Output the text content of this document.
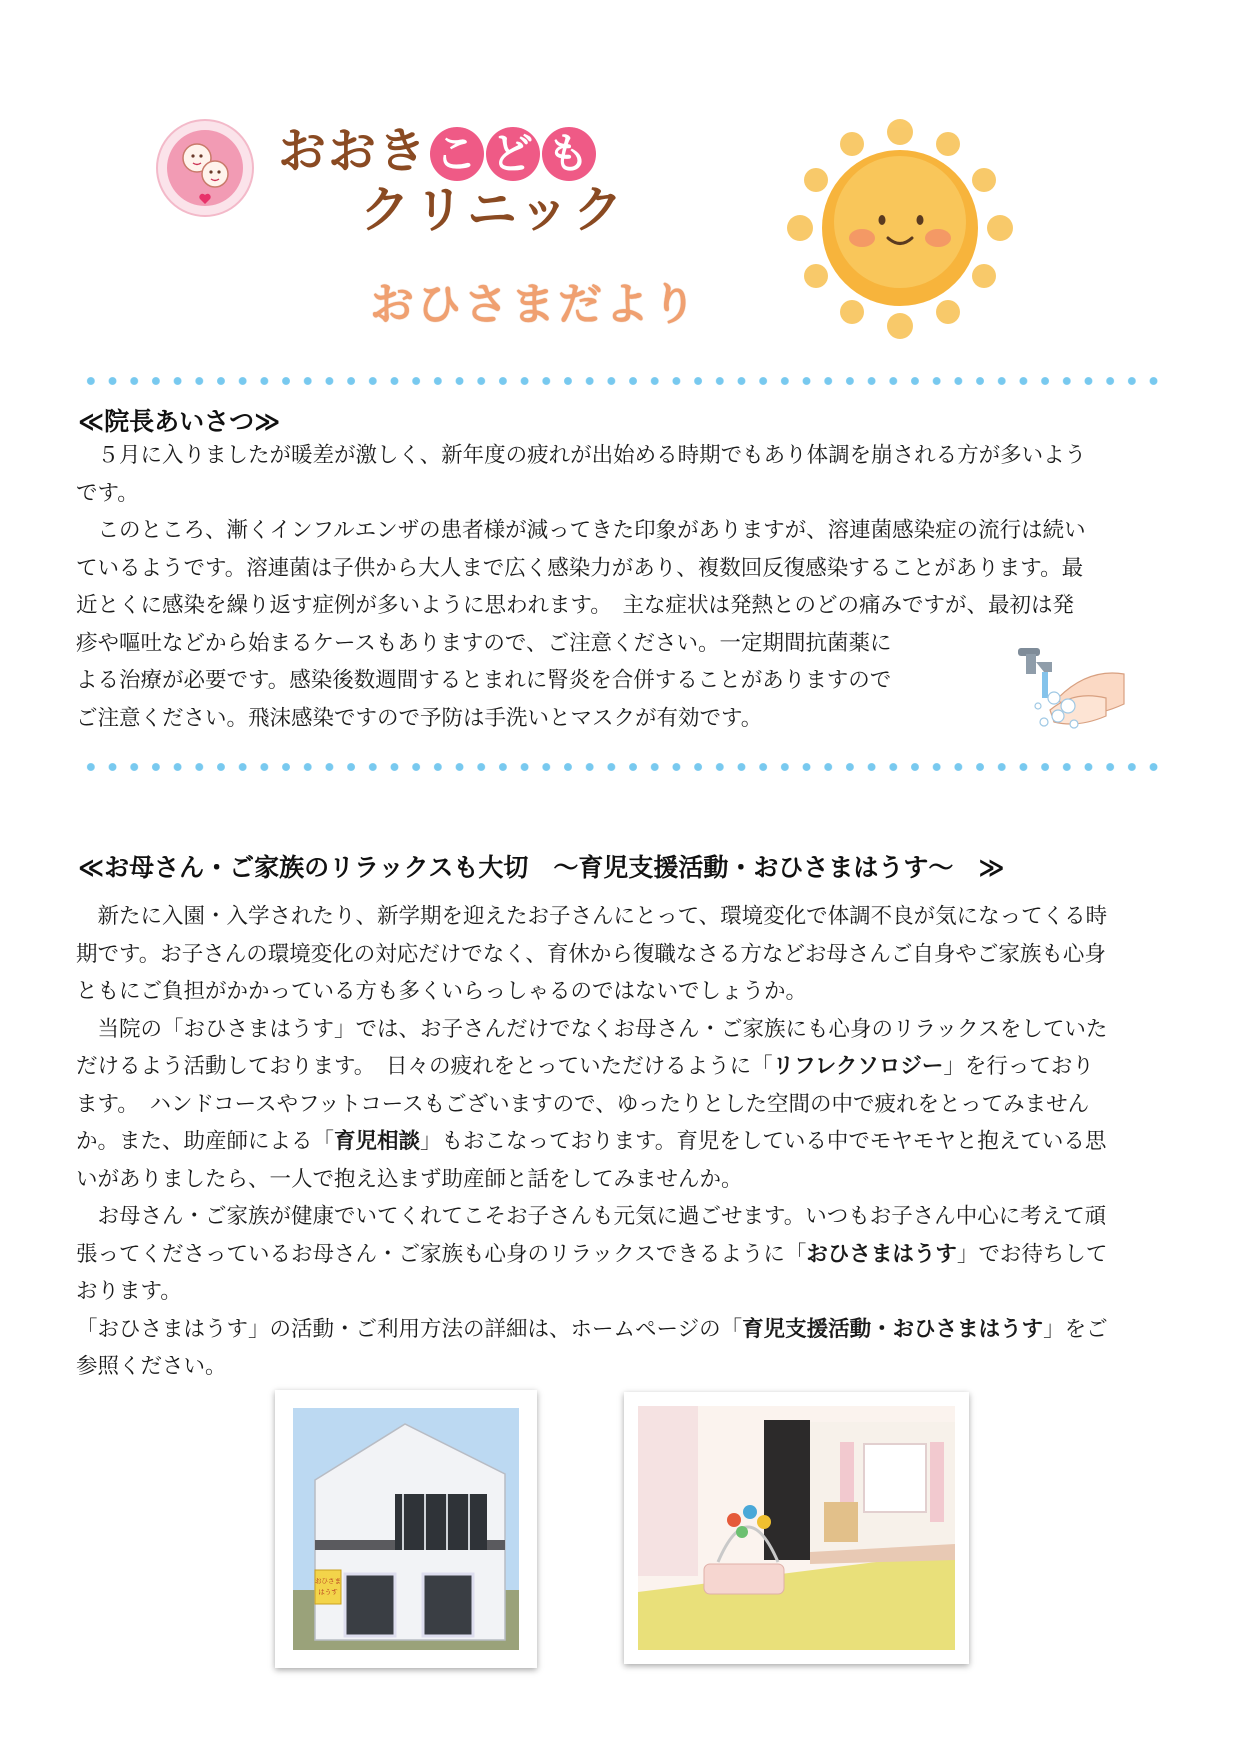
おおき こ ど も
クリニック
おひさまだより
≪院長あいさつ≫

　５月に入りましたが暖差が激しく、新年度の疲れが出始める時期でもあり体調を崩される方が多いよう

です。

　このところ、漸くインフルエンザの患者様が減ってきた印象がありますが、溶連菌感染症の流行は続い

ているようです。溶連菌は子供から大人まで広く感染力があり、複数回反復感染することがあります。最

近とくに感染を繰り返す症例が多いように思われます。　主な症状は発熱とのどの痛みですが、最初は発

疹や嘔吐などから始まるケースもありますので、ご注意ください。一定期間抗菌薬に

よる治療が必要です。感染後数週間するとまれに腎炎を合併することがありますので

ご注意ください。飛沫感染ですので予防は手洗いとマスクが有効です。

≪お母さん・ご家族のリラックスも大切　～育児支援活動・おひさまはうす～　≫

　新たに入園・入学されたり、新学期を迎えたお子さんにとって、環境変化で体調不良が気になってくる時

期です。お子さんの環境変化の対応だけでなく、育休から復職なさる方などお母さんご自身やご家族も心身

ともにご負担がかかっている方も多くいらっしゃるのではないでしょうか。

　当院の「おひさまはうす」では、お子さんだけでなくお母さん・ご家族にも心身のリラックスをしていた

だけるよう活動しております。　日々の疲れをとっていただけるように「リフレクソロジー」を行っており

ます。　ハンドコースやフットコースもございますので、ゆったりとした空間の中で疲れをとってみません

か。また、助産師による「育児相談」もおこなっております。育児をしている中でモヤモヤと抱えている思

いがありましたら、一人で抱え込まず助産師と話をしてみませんか。

　お母さん・ご家族が健康でいてくれてこそお子さんも元気に過ごせます。いつもお子さん中心に考えて頑

張ってくださっているお母さん・ご家族も心身のリラックスできるように「おひさまはうす」でお待ちして

おります。

「おひさまはうす」の活動・ご利用方法の詳細は、ホームページの「育児支援活動・おひさまはうす」をご

参照ください。

おひさま
はうす
